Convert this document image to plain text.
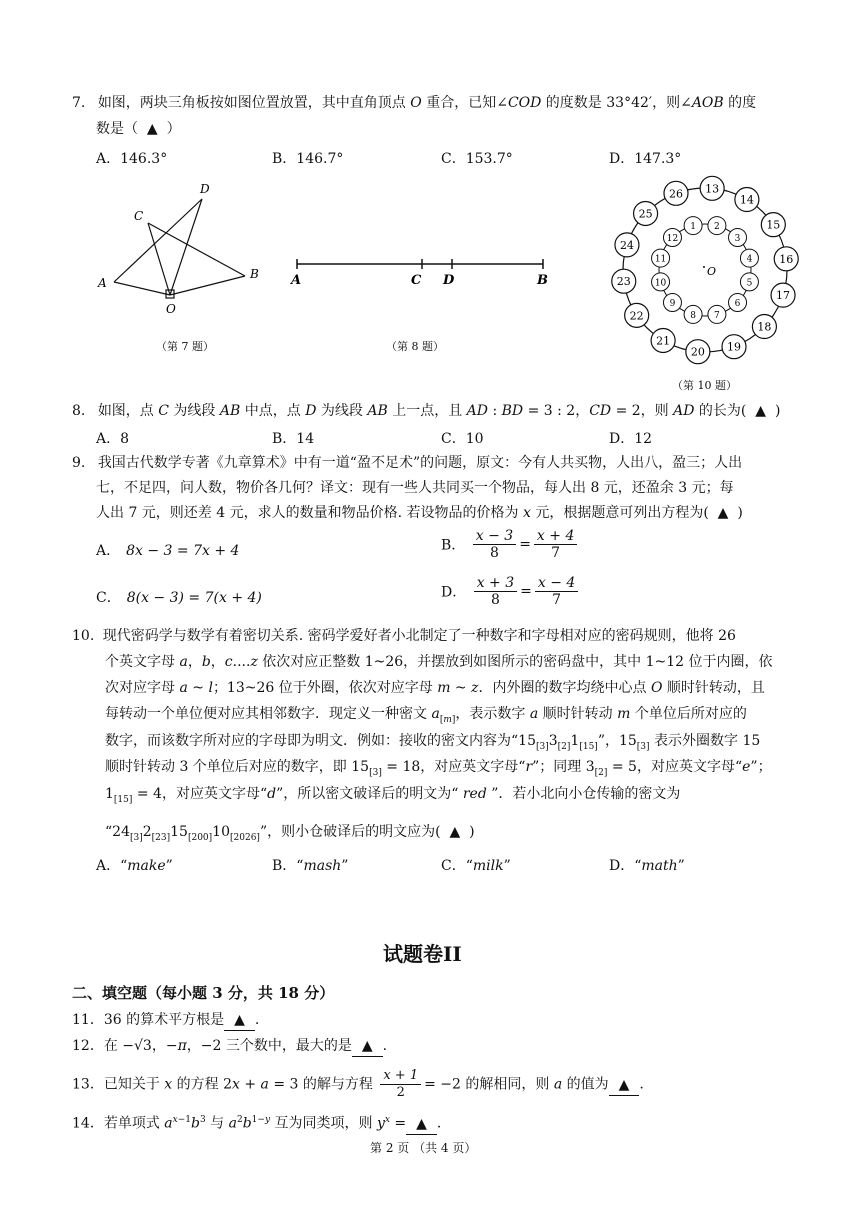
7. 如图，两块三角板按如图位置放置，其中直角顶点 O 重合，已知∠COD 的度数是 33°42′，则∠AOB 的度
数是（  ▲  ）
A．146.3°	B．146.7°	C．153.7°	D．147.3°
A
B
C
D
O
（第 7 题）
A	C D	B
（第 8 题）
1 2
3
4
5
6
7
8
9
10
11
12
13
14
15
16
17
18
19
20
21
22
23
24
25
26
O
（第 10 题）
8. 如图，点 C 为线段 AB 中点，点 D 为线段 AB 上一点，且 AD : BD = 3 : 2，CD = 2，则 AD 的长为(  ▲  )
A．8	B．14	C．10	D．12
9. 我国古代数学专著《九章算术》中有一道“盈不足术”的问题，原文：今有人共买物，人出八，盈三；人出
七，不足四，问人数，物价各几何？译文：现有一些人共同买一个物品，每人出 8 元，还盈余 3 元；每
人出 7 元，则还差 4 元，求人的数量和物品价格. 若设物品的价格为 x 元，根据题意可列出方程为(  ▲  )
A． 8x − 3 = 7x + 4	B． $\frac{x - 3}{8} = \frac{x + 4}{7}$
C． 8(x − 3) = 7(x + 4)	D． $\frac{x + 3}{8} = \frac{x - 4}{7}$
10. 现代密码学与数学有着密切关系. 密码学爱好者小北制定了一种数字和字母相对应的密码规则，他将 26
个英文字母 a，b，c....z 依次对应正整数 1~26，并摆放到如图所示的密码盘中，其中 1~12 位于内圈，依
次对应字母 a ~ l；13~26 位于外圈，依次对应字母 m ~ z．内外圈的数字均绕中心点 O 顺时针转动，且
每转动一个单位便对应其相邻数字．现定义一种密文 $a_{[m]}$，表示数字 a 顺时针转动 m 个单位后所对应的
数字，而该数字所对应的字母即为明文．例如：接收的密文内容为“$15_{[3]}3_{[2]}1_{[15]}$”，$15_{[3]}$ 表示外圈数字 15
顺时针转动 3 个单位后对应的数字，即 $15_{[3]} = 18$，对应英文字母“r”；同理 $3_{[2]} = 5$，对应英文字母“e”；
$1_{[15]} = 4$，对应英文字母“d”，所以密文破译后的明文为“ red ”．若小北向小仓传输的密文为
“$24_{[3]}2_{[23]}15_{[200]}10_{[2026]}$”，则小仓破译后的明文应为(  ▲  )
A．“make”	B．“mash”	C．“milk”	D．“math”
试题卷II
二、填空题（每小题 3 分，共 18 分）
11．36 的算术平方根是 ▲ .
12．在 −√3，−π，−2 三个数中，最大的是 ▲ .
13．已知关于 x 的方程 2x + a = 3 的解与方程 $\frac{x + 1}{2} = -2$ 的解相同，则 a 的值为 ▲ .
14．若单项式 $a^{x-1}b^3$ 与 $a^2b^{1-y}$ 互为同类项，则 $y^x$ = ▲ .
第 2 页 （共 4 页）
